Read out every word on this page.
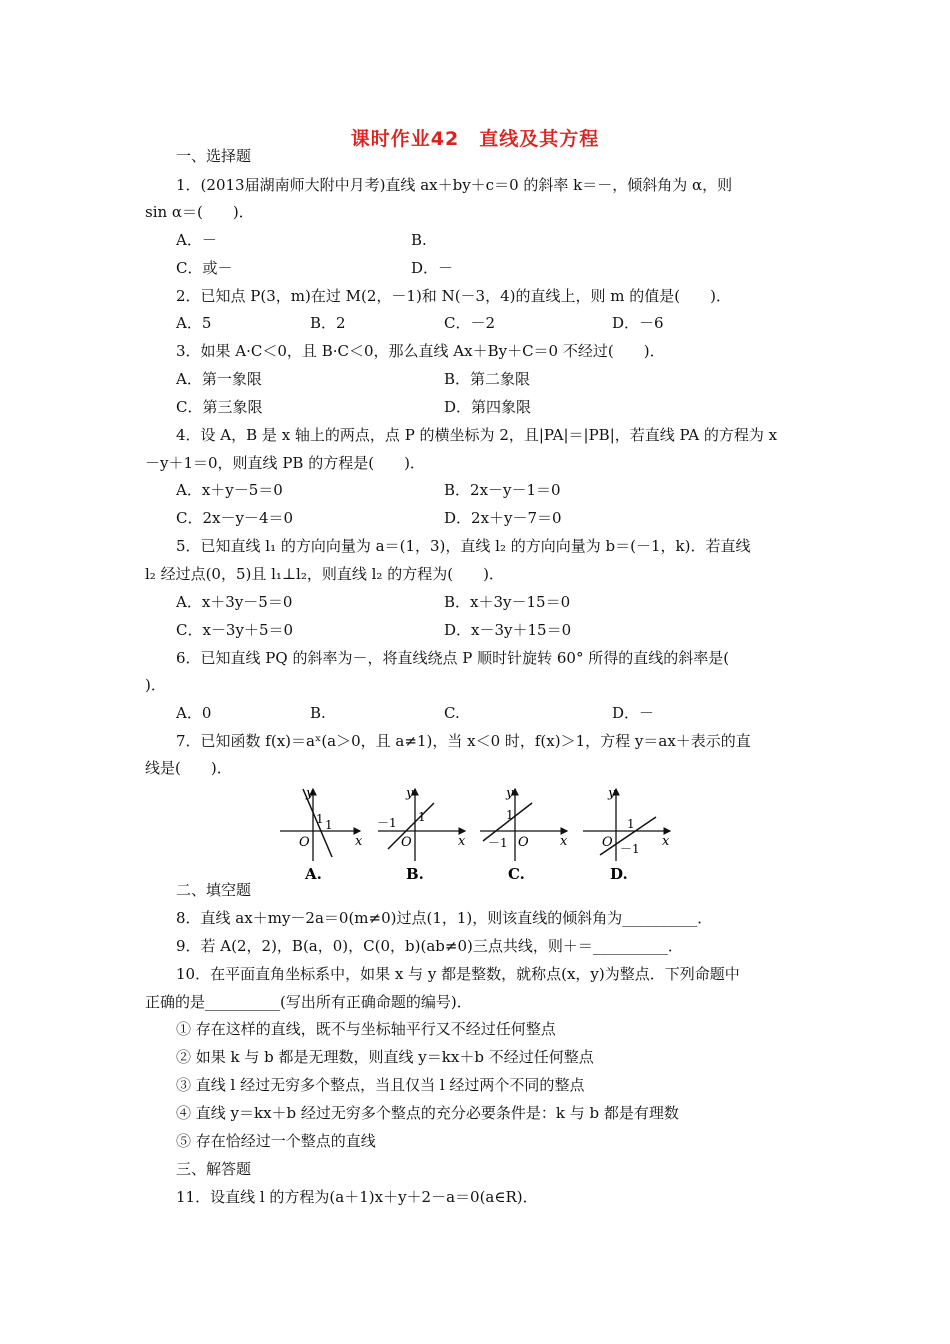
课时作业42　直线及其方程
一、选择题
1．(2013届湖南师大附中月考)直线 ax＋by＋c＝0 的斜率 k＝－，倾斜角为 α，则
sin α＝(　　)．
A．－	B.
C．或－	D．－
2．已知点 P(3，m)在过 M(2，－1)和 N(－3，4)的直线上，则 m 的值是(　　)．
A．5	B．2	C．－2	D．－6
3．如果 A·C＜0，且 B·C＜0，那么直线 Ax＋By＋C＝0 不经过(　　)．
A．第一象限	B．第二象限
C．第三象限	D．第四象限
4．设 A，B 是 x 轴上的两点，点 P 的横坐标为 2，且|PA|＝|PB|，若直线 PA 的方程为 x
－y＋1＝0，则直线 PB 的方程是(　　)．
A．x＋y－5＝0	B．2x－y－1＝0
C．2x－y－4＝0	D．2x＋y－7＝0
5．已知直线 l₁ 的方向向量为 a＝(1，3)，直线 l₂ 的方向向量为 b＝(－1，k)．若直线
l₂ 经过点(0，5)且 l₁⊥l₂，则直线 l₂ 的方程为(　　)．
A．x＋3y－5＝0	B．x＋3y－15＝0
C．x－3y＋5＝0	D．x－3y＋15＝0
6．已知直线 PQ 的斜率为－，将直线绕点 P 顺时针旋转 60° 所得的直线的斜率是(
)．
A．0	B.	C.	D．－
7．已知函数 f(x)＝aˣ(a＞0，且 a≠1)，当 x＜0 时，f(x)＞1，方程 y＝ax＋表示的直
线是(　　)．
y
x
O
1 1
A.
y
x
O
－1 1
B.
y
x
O
1
－1
C.
y
x
O
1
－1
D.
二、填空题
8．直线 ax＋my－2a＝0(m≠0)过点(1，1)，则该直线的倾斜角为__________．
9．若 A(2，2)，B(a，0)，C(0，b)(ab≠0)三点共线，则＋＝__________．
10．在平面直角坐标系中，如果 x 与 y 都是整数，就称点(x，y)为整点．下列命题中
正确的是__________(写出所有正确命题的编号)．
① 存在这样的直线，既不与坐标轴平行又不经过任何整点
② 如果 k 与 b 都是无理数，则直线 y＝kx＋b 不经过任何整点
③ 直线 l 经过无穷多个整点，当且仅当 l 经过两个不同的整点
④ 直线 y＝kx＋b 经过无穷多个整点的充分必要条件是：k 与 b 都是有理数
⑤ 存在恰经过一个整点的直线
三、解答题
11．设直线 l 的方程为(a＋1)x＋y＋2－a＝0(a∈R)．
